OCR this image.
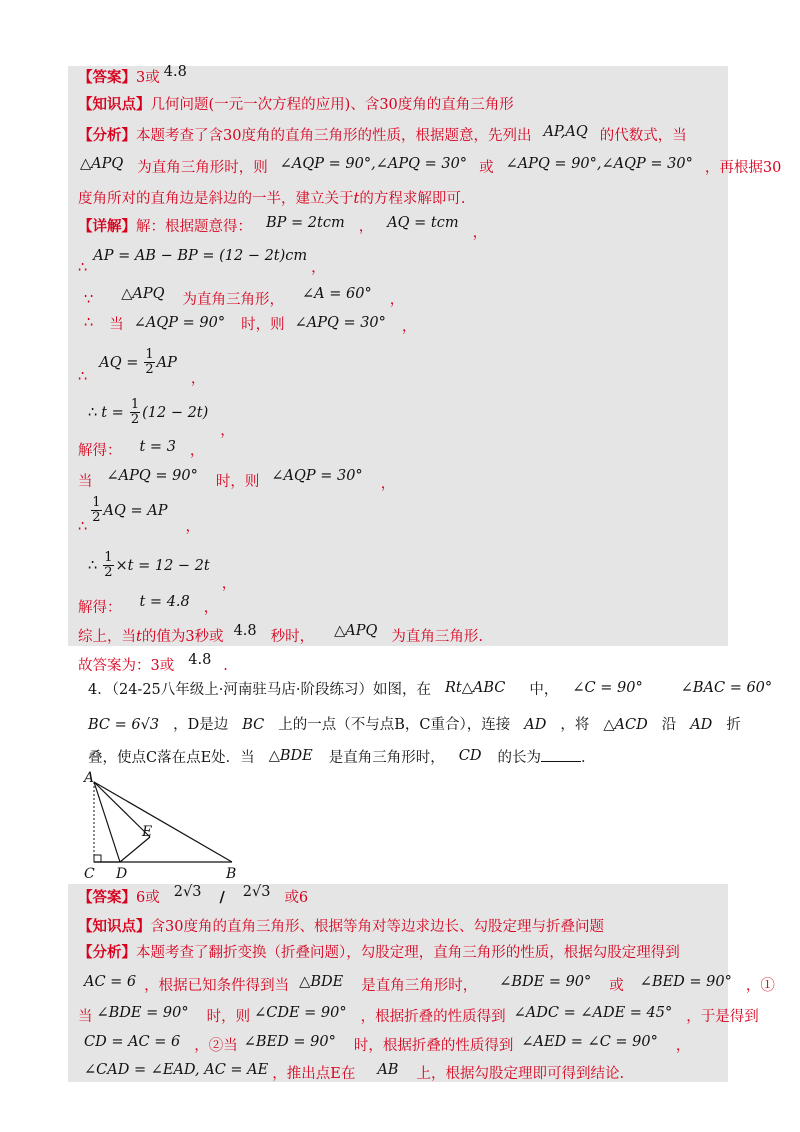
【答案】3或 4.8
【知识点】几何问题(一元一次方程的应用)、含30度角的直角三角形
【分析】本题考查了含30度角的直角三角形的性质，根据题意，先列出 AP,AQ 的代数式，当
△APQ 为直角三角形时，则 ∠AQP = 90°,∠APQ = 30° 或 ∠APQ = 90°,∠AQP = 30° ，再根据30
度角所对的直角边是斜边的一半，建立关于t的方程求解即可.
【详解】解：根据题意得： BP = 2tcm ， AQ = tcm，
∴AP = AB − BP = (12 − 2t)cm，
∵ △APQ 为直角三角形， ∠A = 60° ，
∴ 当 ∠AQP = 90° 时，则 ∠APQ = 30° ，
∴AQ = $\frac{1}{2}$ AP，
∴ $t = \frac{1}{2} (12 - 2t)$，
解得： t = 3 ，
当 ∠APQ = 90° 时，则 ∠AQP = 30° ，
∴
$\frac{1}{2}$ AQ = AP，
∴ $\frac{1}{2} \times t = 12 - 2t$，
解得： t = 4.8 ，
综上，当t的值为3秒或 4.8 秒时， △APQ 为直角三角形.
故答案为：3或 4.8 .
4．（24-25八年级上·河南驻马店·阶段练习）如图，在 Rt△ABC 中， ∠C = 90°	∠BAC = 60°
BC = 6√3 ，D是边 BC 上的一点（不与点B，C重合），连接 AD ，将 △ACD 沿 AD 折
叠，使点C落在点E处．当 △BDE 是直角三角形时， CD 的长为	．
A
E
C D	B
【答案】6或 2√3 / 2√3 或6
【知识点】含30度角的直角三角形、根据等角对等边求边长、勾股定理与折叠问题
【分析】本题考查了翻折变换（折叠问题），勾股定理，直角三角形的性质，根据勾股定理得到
AC = 6 ，根据已知条件得到当 △BDE 是直角三角形时， ∠BDE = 90° 或 ∠BED = 90° ，①
当 ∠BDE = 90° 时，则 ∠CDE = 90° ，根据折叠的性质得到 ∠ADC = ∠ADE = 45° ，于是得到
CD = AC = 6 ，②当 ∠BED = 90° 时，根据折叠的性质得到 ∠AED = ∠C = 90° ，
∠CAD = ∠EAD, AC = AE ，推出点E在 AB 上，根据勾股定理即可得到结论.
